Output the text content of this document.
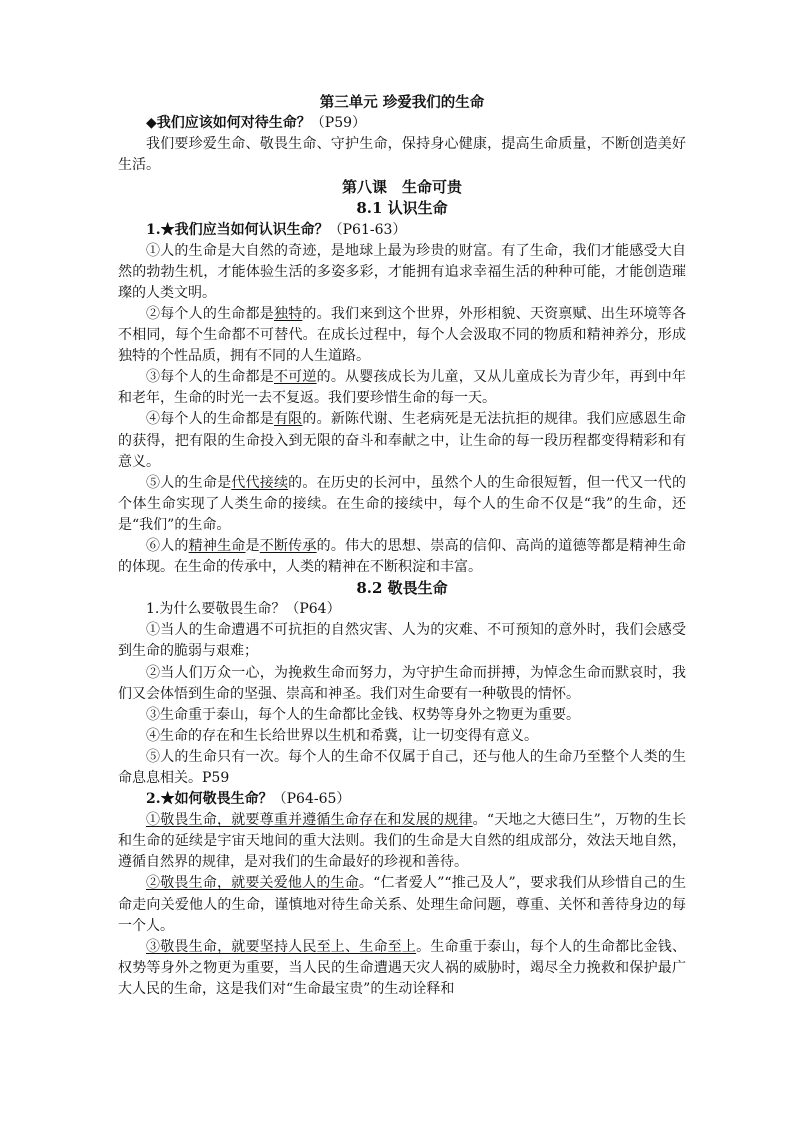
第三单元 珍爱我们的生命

◆我们应该如何对待生命？（P59）

我们要珍爱生命、敬畏生命、守护生命，保持身心健康，提高生命质量，不断创造美好生活。

第八课　生命可贵

8.1 认识生命

1.★我们应当如何认识生命？（P61-63）

①人的生命是大自然的奇迹，是地球上最为珍贵的财富。有了生命，我们才能感受大自然的勃勃生机，才能体验生活的多姿多彩，才能拥有追求幸福生活的种种可能，才能创造璀璨的人类文明。

②每个人的生命都是独特的。我们来到这个世界，外形相貌、天资禀赋、出生环境等各不相同，每个生命都不可替代。在成长过程中，每个人会汲取不同的物质和精神养分，形成独特的个性品质，拥有不同的人生道路。

③每个人的生命都是不可逆的。从婴孩成长为儿童，又从儿童成长为青少年，再到中年和老年，生命的时光一去不复返。我们要珍惜生命的每一天。

④每个人的生命都是有限的。新陈代谢、生老病死是无法抗拒的规律。我们应感恩生命的获得，把有限的生命投入到无限的奋斗和奉献之中，让生命的每一段历程都变得精彩和有意义。

⑤人的生命是代代接续的。在历史的长河中，虽然个人的生命很短暂，但一代又一代的个体生命实现了人类生命的接续。在生命的接续中，每个人的生命不仅是“我”的生命，还是“我们”的生命。

⑥人的精神生命是不断传承的。伟大的思想、崇高的信仰、高尚的道德等都是精神生命的体现。在生命的传承中，人类的精神在不断积淀和丰富。

8.2 敬畏生命

1.为什么要敬畏生命？（P64）

①当人的生命遭遇不可抗拒的自然灾害、人为的灾难、不可预知的意外时，我们会感受到生命的脆弱与艰难；

②当人们万众一心，为挽救生命而努力，为守护生命而拼搏，为悼念生命而默哀时，我们又会体悟到生命的坚强、崇高和神圣。我们对生命要有一种敬畏的情怀。

③生命重于泰山，每个人的生命都比金钱、权势等身外之物更为重要。

④生命的存在和生长给世界以生机和希冀，让一切变得有意义。

⑤人的生命只有一次。每个人的生命不仅属于自己，还与他人的生命乃至整个人类的生命息息相关。P59

2.★如何敬畏生命？（P64-65）

①敬畏生命，就要尊重并遵循生命存在和发展的规律。“天地之大德曰生”，万物的生长和生命的延续是宇宙天地间的重大法则。我们的生命是大自然的组成部分，效法天地自然，遵循自然界的规律，是对我们的生命最好的珍视和善待。

②敬畏生命，就要关爱他人的生命。“仁者爱人”“推己及人”，要求我们从珍惜自己的生命走向关爱他人的生命，谨慎地对待生命关系、处理生命问题，尊重、关怀和善待身边的每一个人。

③敬畏生命，就要坚持人民至上、生命至上。生命重于泰山，每个人的生命都比金钱、权势等身外之物更为重要，当人民的生命遭遇天灾人祸的威胁时，竭尽全力挽救和保护最广大人民的生命，这是我们对“生命最宝贵”的生动诠释和
